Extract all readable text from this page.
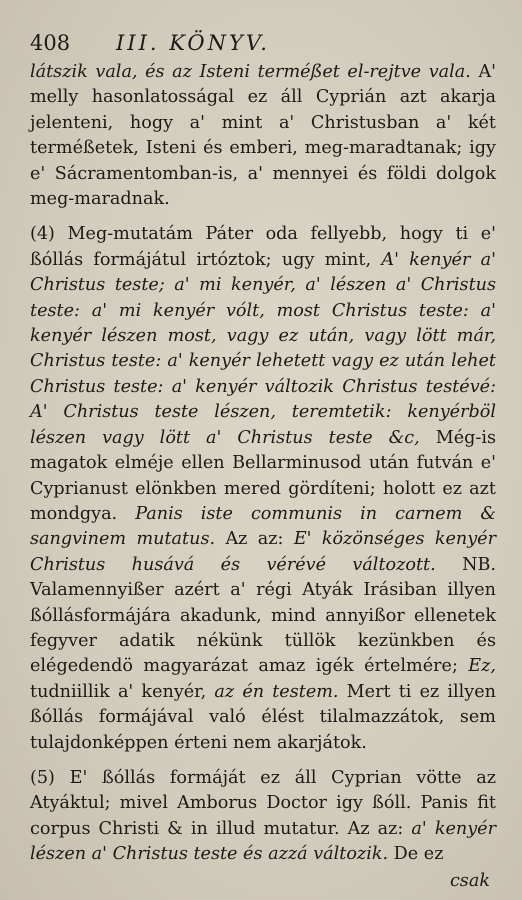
408	III. KÖNYV.

látszik vala, és az Isteni terméßet el-rejtve vala. A' melly hasonlatosságal ez áll Cyprián azt akarja jelenteni, hogy a' mint a' Christusban a' két terméßetek, Isteni és emberi, meg-maradtanak; igy e' Sácramentomban-is, a' mennyei és földi dolgok meg-maradnak.

(4) Meg-mutatám Páter oda fellyebb, hogy ti e' ßóllás formájátul irtóztok; ugy mint, A' kenyér a' Christus teste; a' mi kenyér, a' lészen a' Christus teste: a' mi kenyér vólt, most Christus teste: a' kenyér lészen most, vagy ez után, vagy lött már, Christus teste: a' kenyér lehetett vagy ez után lehet Christus teste: a' kenyér változik Christus testévé: A' Christus teste lészen, teremtetik: kenyérböl lészen vagy lött a' Christus teste &c, Még-is magatok elméje ellen Bellarminusod után futván e' Cyprianust elönkben mered gördíteni; holott ez azt mondgya. Panis iste communis in carnem & sangvinem mutatus. Az az: E' közönséges kenyér Christus husává és vérévé változott. NB. Valamennyißer azért a' régi Atyák Irásiban illyen ßóllásformájára akadunk, mind annyißor ellenetek fegyver adatik nékünk tüllök kezünkben és elégedendö magyarázat amaz igék értelmére; Ez, tudniillik a' kenyér, az én testem. Mert ti ez illyen ßóllás formájával való élést tilalmazzátok, sem tulajdonképpen érteni nem akarjátok.

(5) E' ßóllás formáját ez áll Cyprian vötte az Atyáktul; mivel Amborus Doctor igy ßóll. Panis fit corpus Christi & in illud mutatur. Az az: a' kenyér lészen a' Christus teste és azzá változik. De ez

csak
